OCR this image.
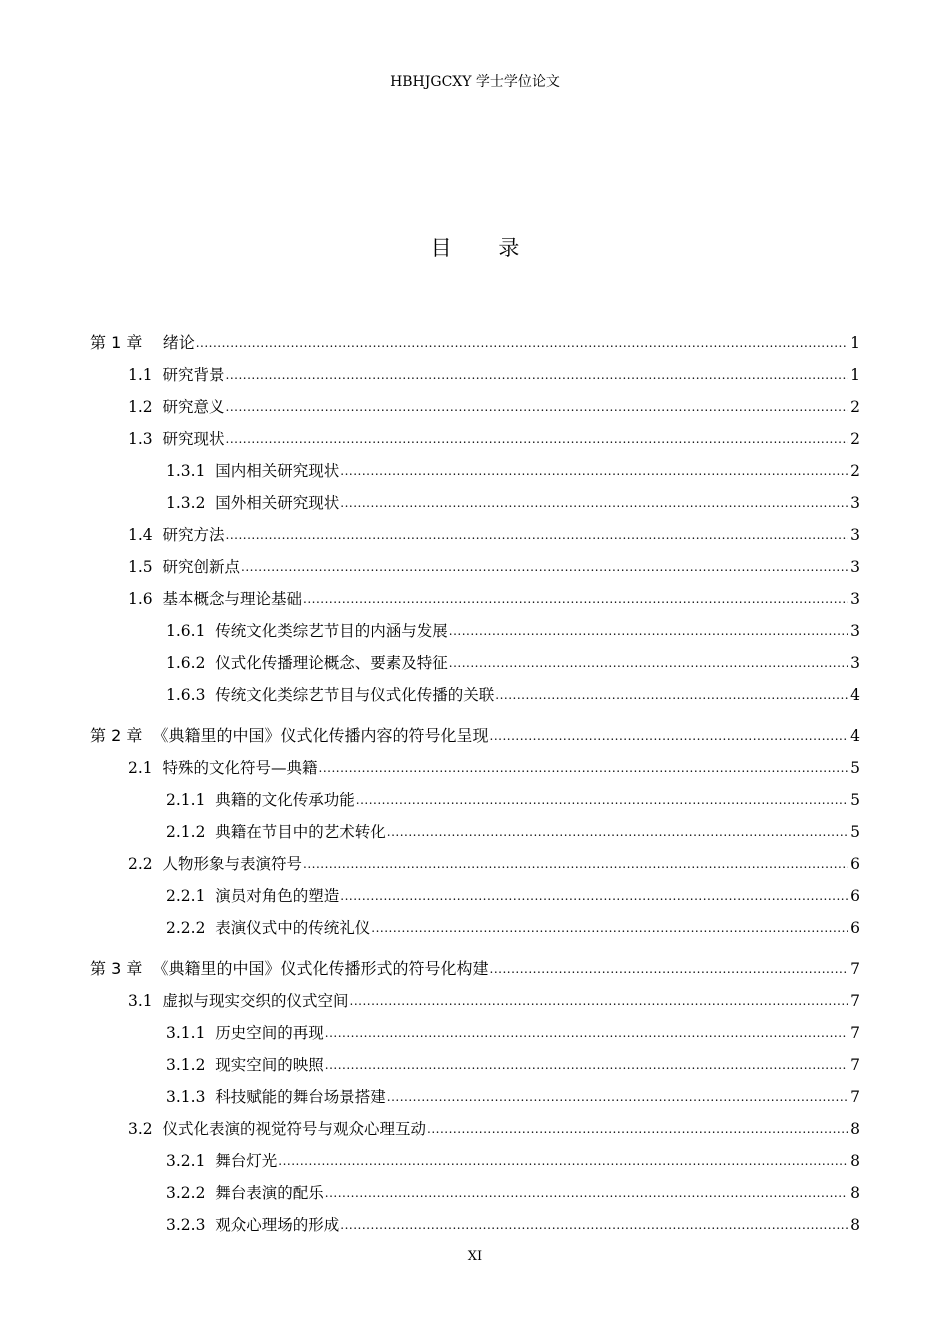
HBHJGCXY 学士学位论文
目 录
第 1 章    绪论 .....	1
1.1  研究背景 .....	1
1.2  研究意义 .....	2
1.3  研究现状 .....	2
1.3.1  国内相关研究现状 .....	2
1.3.2  国外相关研究现状 .....	3
1.4  研究方法 .....	3
1.5  研究创新点 .....	3
1.6  基本概念与理论基础 .....	3
1.6.1  传统文化类综艺节目的内涵与发展 .....	3
1.6.2  仪式化传播理论概念、要素及特征 .....	3
1.6.3  传统文化类综艺节目与仪式化传播的关联 .....	4
第 2 章  《典籍里的中国》仪式化传播内容的符号化呈现 .....	4
2.1  特殊的文化符号—典籍 .....	5
2.1.1  典籍的文化传承功能 .....	5
2.1.2  典籍在节目中的艺术转化 .....	5
2.2  人物形象与表演符号 .....	6
2.2.1  演员对角色的塑造 .....	6
2.2.2  表演仪式中的传统礼仪 .....	6
第 3 章  《典籍里的中国》仪式化传播形式的符号化构建 .....	7
3.1  虚拟与现实交织的仪式空间 .....	7
3.1.1  历史空间的再现 .....	7
3.1.2  现实空间的映照 .....	7
3.1.3  科技赋能的舞台场景搭建 .....	7
3.2  仪式化表演的视觉符号与观众心理互动 .....	8
3.2.1  舞台灯光 .....	8
3.2.2  舞台表演的配乐 .....	8
3.2.3  观众心理场的形成 .....	8
XI
